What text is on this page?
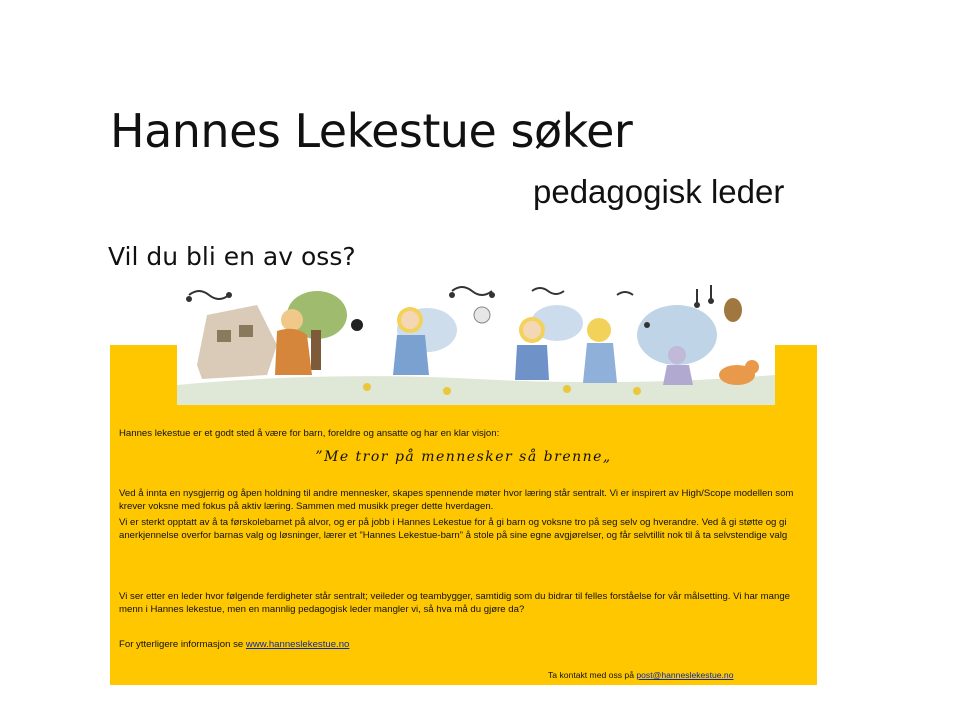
Hannes Lekestue søker
pedagogisk leder
Vil du bli en av oss?
Hannes lekestue er et godt sted å være for barn, foreldre og ansatte og har en klar visjon:
”Me tror på mennesker så brenne„
Ved å innta en nysgjerrig og åpen holdning til andre mennesker, skapes spennende møter hvor læring står sentralt. Vi er inspirert av High/Scope modellen som krever voksne med fokus på aktiv læring. Sammen med musikk preger dette hverdagen.
Vi er sterkt opptatt av å ta førskolebarnet på alvor, og er på jobb i Hannes Lekestue for å gi barn og voksne tro på seg selv og hverandre. Ved å gi støtte og gi anerkjennelse overfor barnas valg og løsninger, lærer et ”Hannes Lekestue-barn” å stole på sine egne avgjørelser, og får selvtillit nok til å ta selvstendige valg
Vi ser etter en leder hvor følgende ferdigheter står sentralt; veileder og teambygger, samtidig som du bidrar til felles forståelse for vår målsetting. Vi har mange menn i Hannes lekestue, men en mannlig pedagogisk leder mangler vi, så hva må du gjøre da?
For ytterligere informasjon se www.hanneslekestue.no
Ta kontakt med oss på post@hanneslekestue.no
